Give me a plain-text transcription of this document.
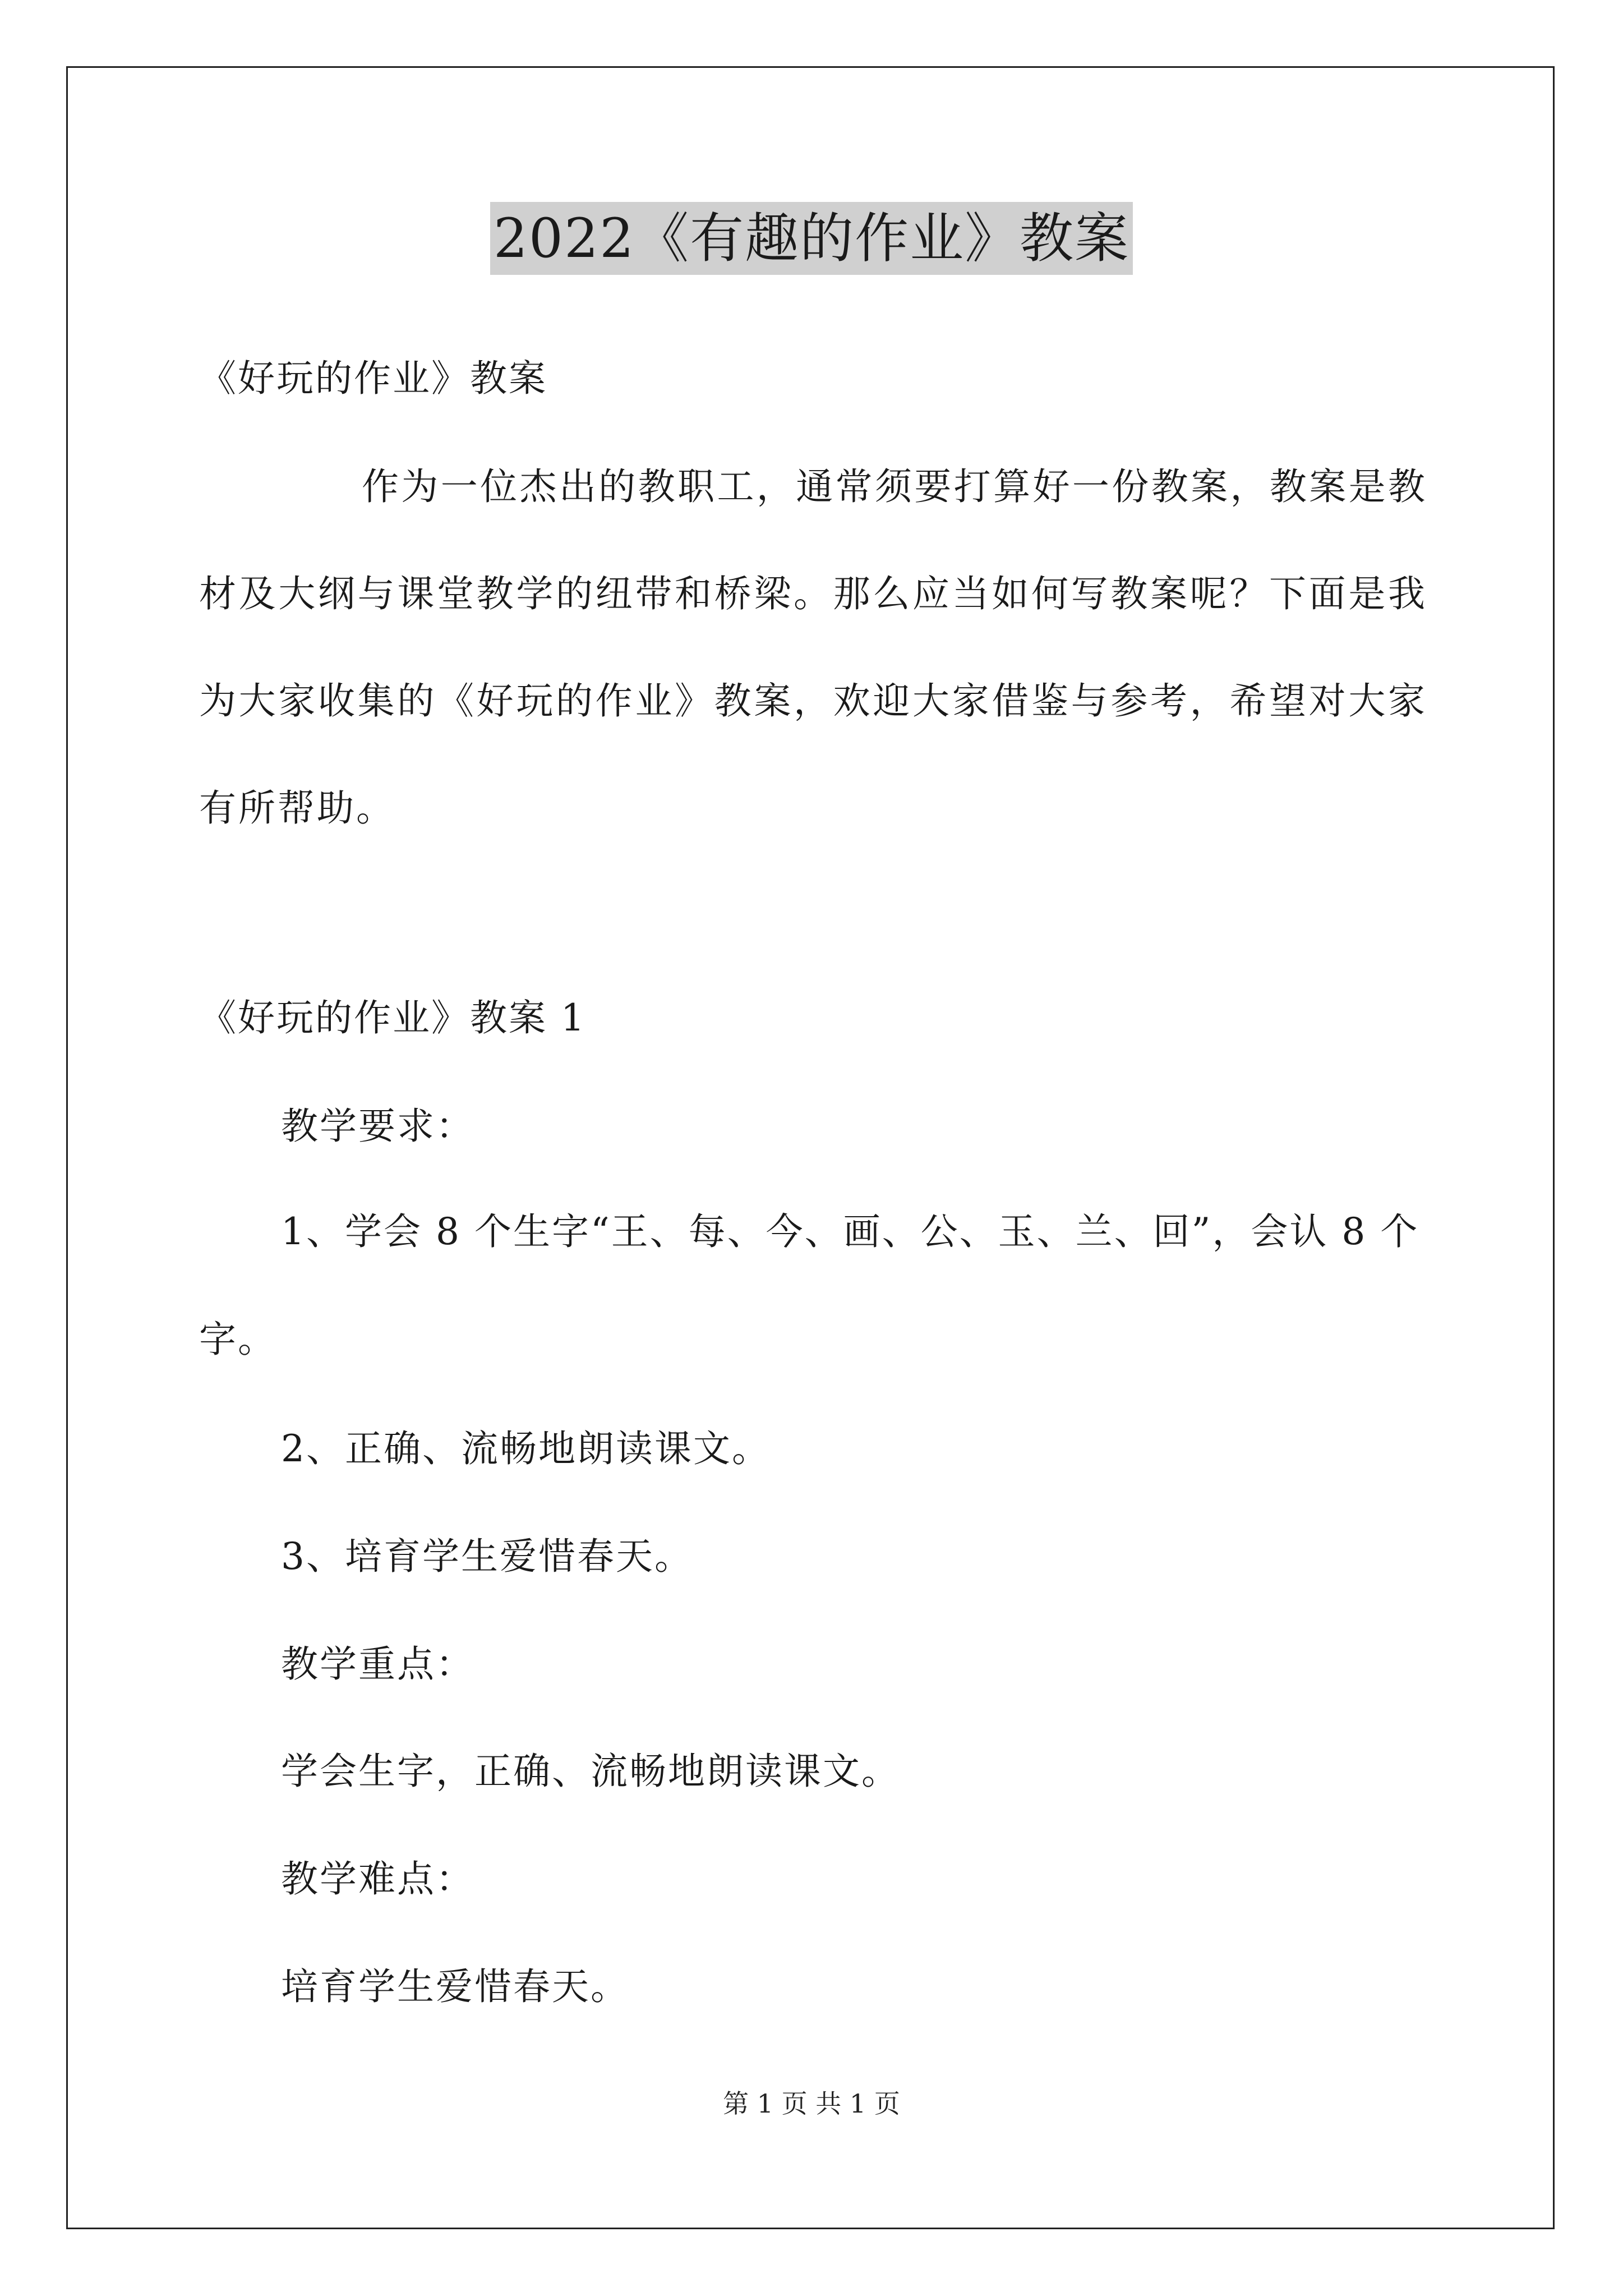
2022《有趣的作业》教案
《好玩的作业》教案
作为一位杰出的教职工，通常须要打算好一份教案，教案是教材及大纲与课堂教学的纽带和桥梁。那么应当如何写教案呢？下面是我为大家收集的《好玩的作业》教案，欢迎大家借鉴与参考，希望对大家有所帮助。
《好玩的作业》教案 1
教学要求：
1、学会 8 个生字“王、每、今、画、公、玉、兰、回”，会认 8 个字。
2、正确、流畅地朗读课文。
3、培育学生爱惜春天。
教学重点：
学会生字，正确、流畅地朗读课文。
教学难点：
培育学生爱惜春天。
第 1 页 共 1 页
